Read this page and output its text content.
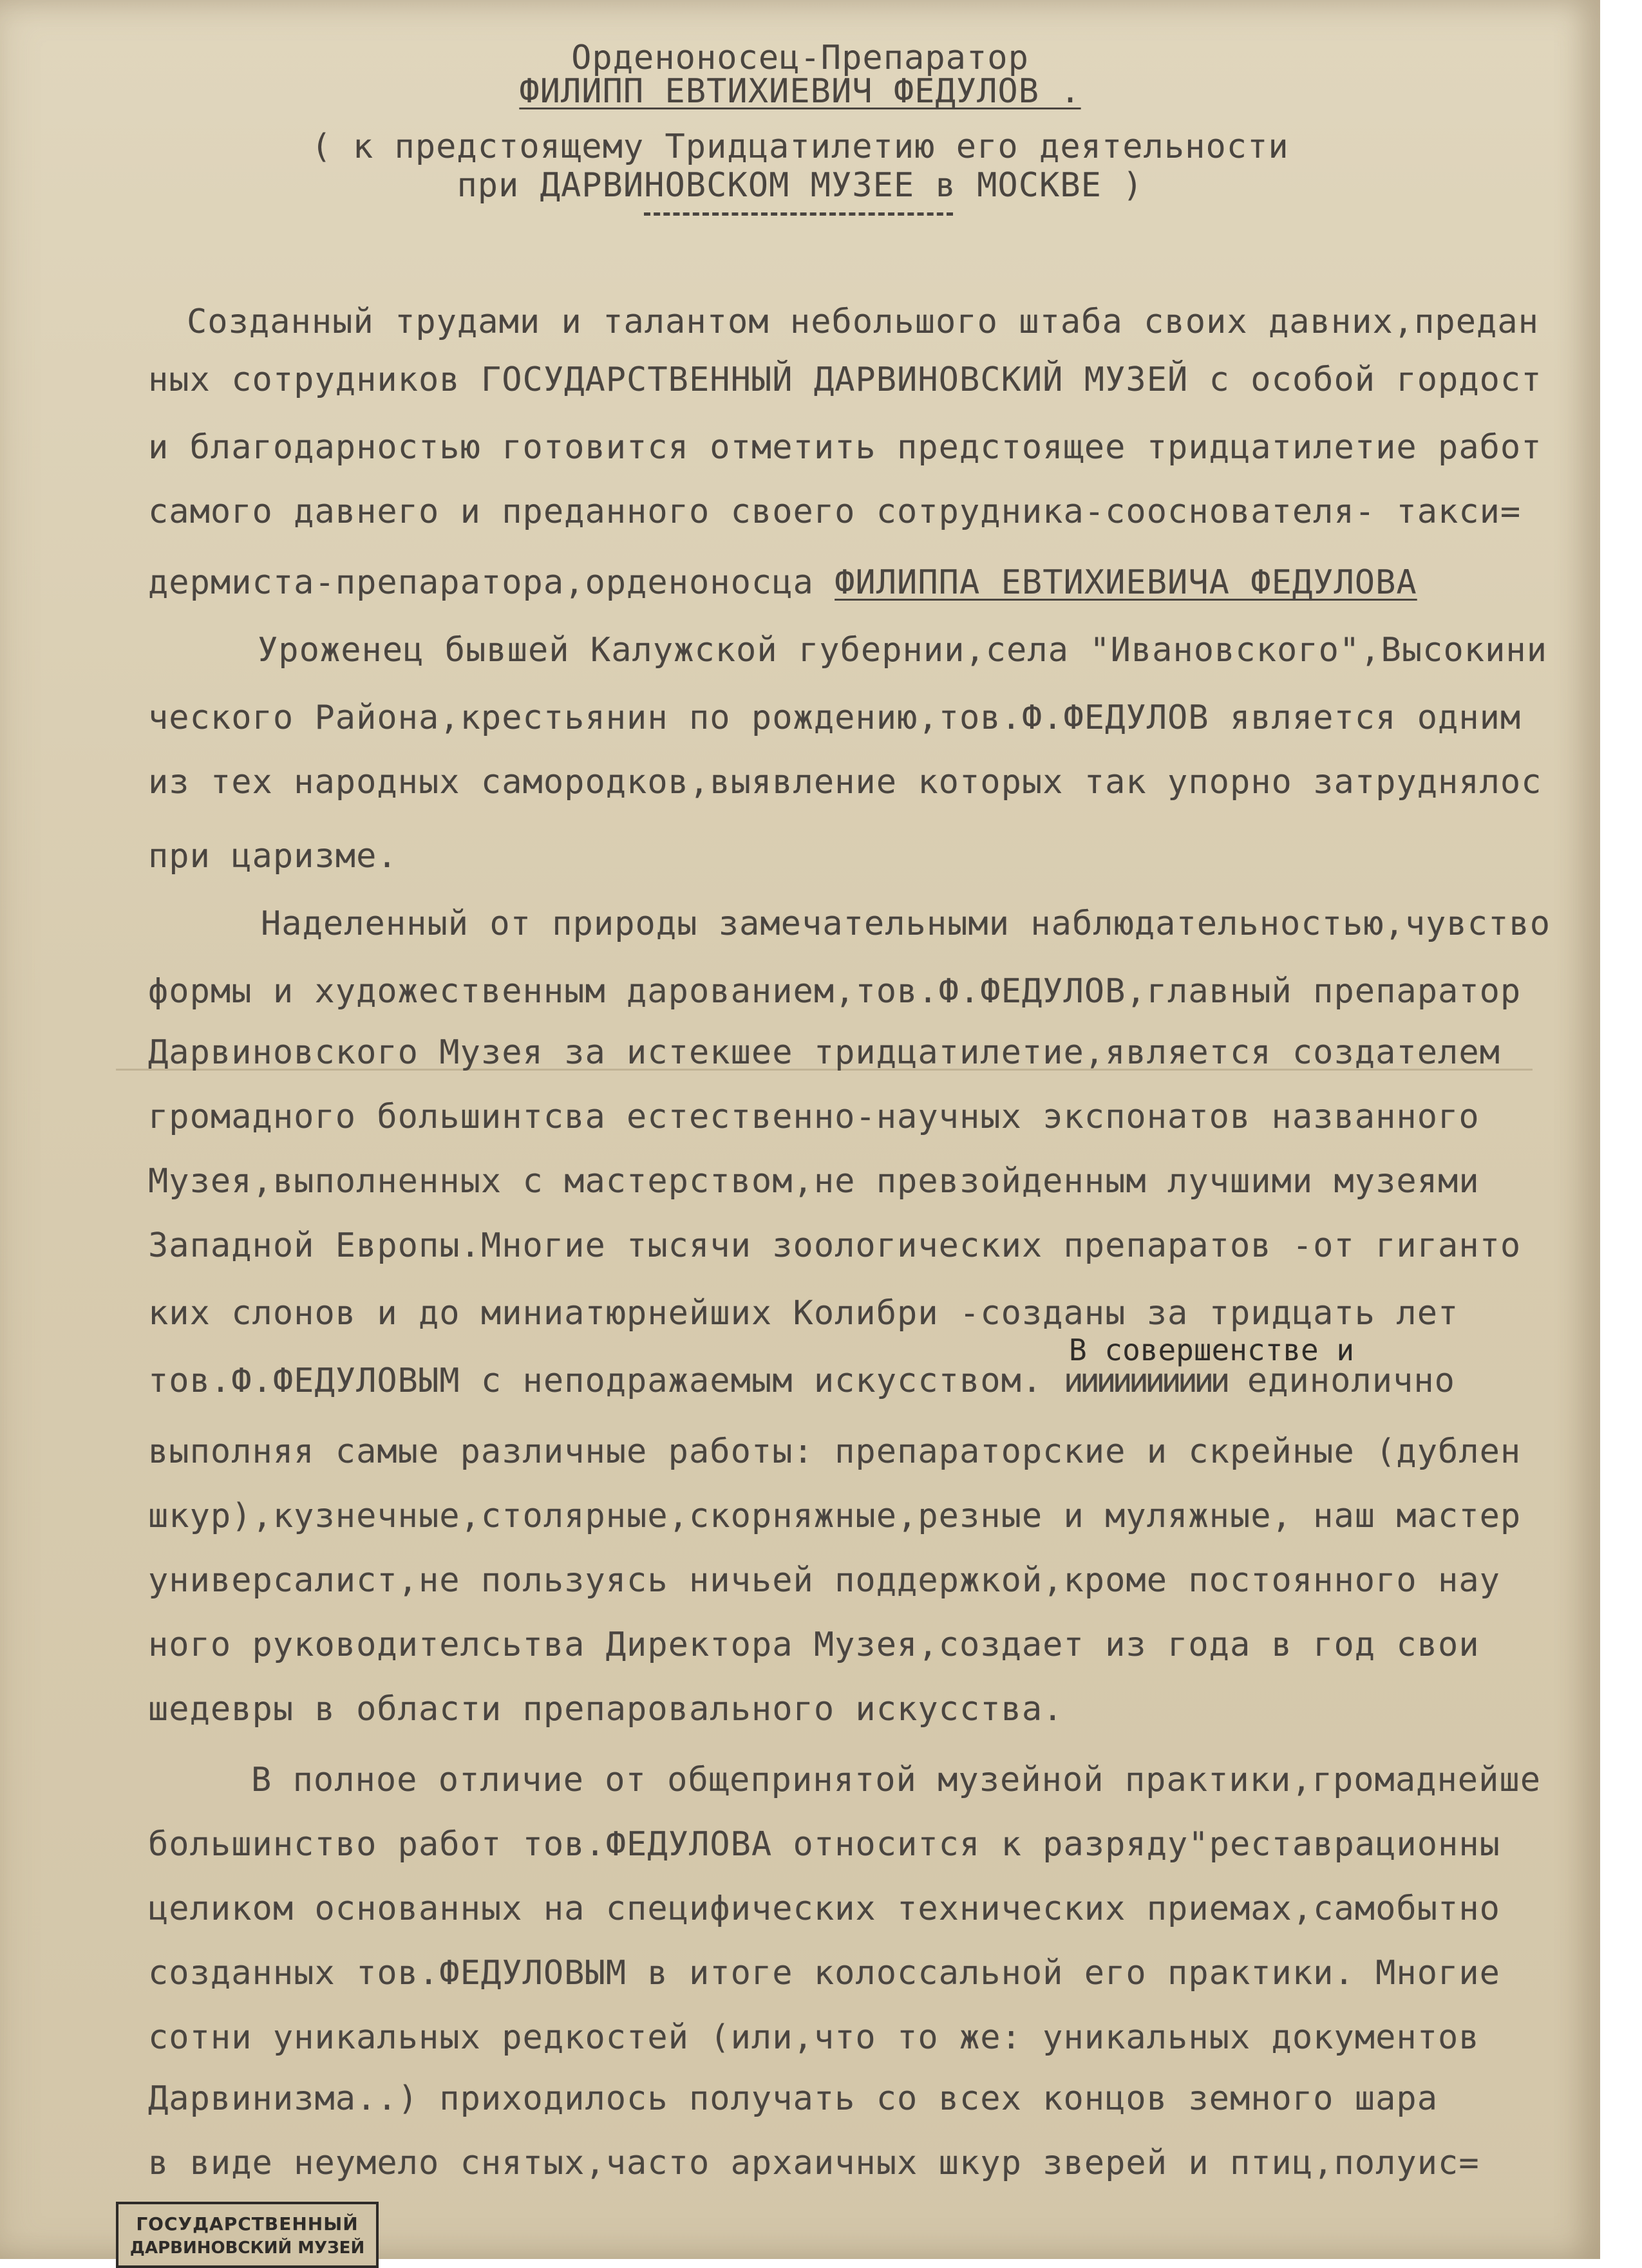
Орденоносец-Препаратор
ФИЛИПП ЕВТИХИЕВИЧ ФЕДУЛОВ .
( к предстоящему Тридцатилетию его деятельности
при ДАРВИНОВСКОМ МУЗЕЕ в МОСКВЕ )
Созданный трудами и талантом небольшого штаба своих давних,предан
ных сотрудников ГОСУДАРСТВЕННЫЙ ДАРВИНОВСКИЙ МУЗЕЙ с особой гордост
и благодарностью готовится отметить предстоящее тридцатилетие работ
самого давнего и преданного своего сотрудника-сооснователя- такси=
дермиста-препаратора,орденоносца ФИЛИППА ЕВТИХИЕВИЧА ФЕДУЛОВА
Уроженец бывшей Калужской губернии,села "Ивановского",Высокини
ческого Района,крестьянин по рождению,тов.Ф.ФЕДУЛОВ является одним
из тех народных самородков,выявление которых так упорно затруднялос
при царизме.
Наделенный от природы замечательными наблюдательностью,чувство
формы и художественным дарованием,тов.Ф.ФЕДУЛОВ,главный препаратор
Дарвиновского Музея за истекшее тридцатилетие,является создателем
громадного большинтсва естественно-научных экспонатов названного
Музея,выполненных с мастерством,не превзойденным лучшими музеями
Западной Европы.Многие тысячи зоологических препаратов -от гиганто
ких слонов и до миниатюрнейших Колибри -созданы за тридцать лет
В совершенстве и
тов.Ф.ФЕДУЛОВЫМ с неподражаемым искусством. ииииииииии единолично
выполняя самые различные работы: препараторские и скрейные (дублен
шкур),кузнечные,столярные,скорняжные,резные и муляжные, наш мастер
универсалист,не пользуясь ничьей поддержкой,кроме постоянного нау
ного руководителсьтва Директора Музея,создает из года в год свои
шедевры в области препаровального искусства.
В полное отличие от общепринятой музейной практики,громаднейше
большинство работ тов.ФЕДУЛОВА относится к разряду"реставрационны
целиком основанных на специфических технических приемах,самобытно
созданных тов.ФЕДУЛОВЫМ в итоге колоссальной его практики. Многие
сотни уникальных редкостей (или,что то же: уникальных документов
Дарвинизма..) приходилось получать со всех концов земного шара
в виде неумело снятых,часто архаичных шкур зверей и птиц,полуис=
ГОСУДАРСТВЕННЫЙ
ДАРВИНОВСКИЙ МУЗЕЙ
